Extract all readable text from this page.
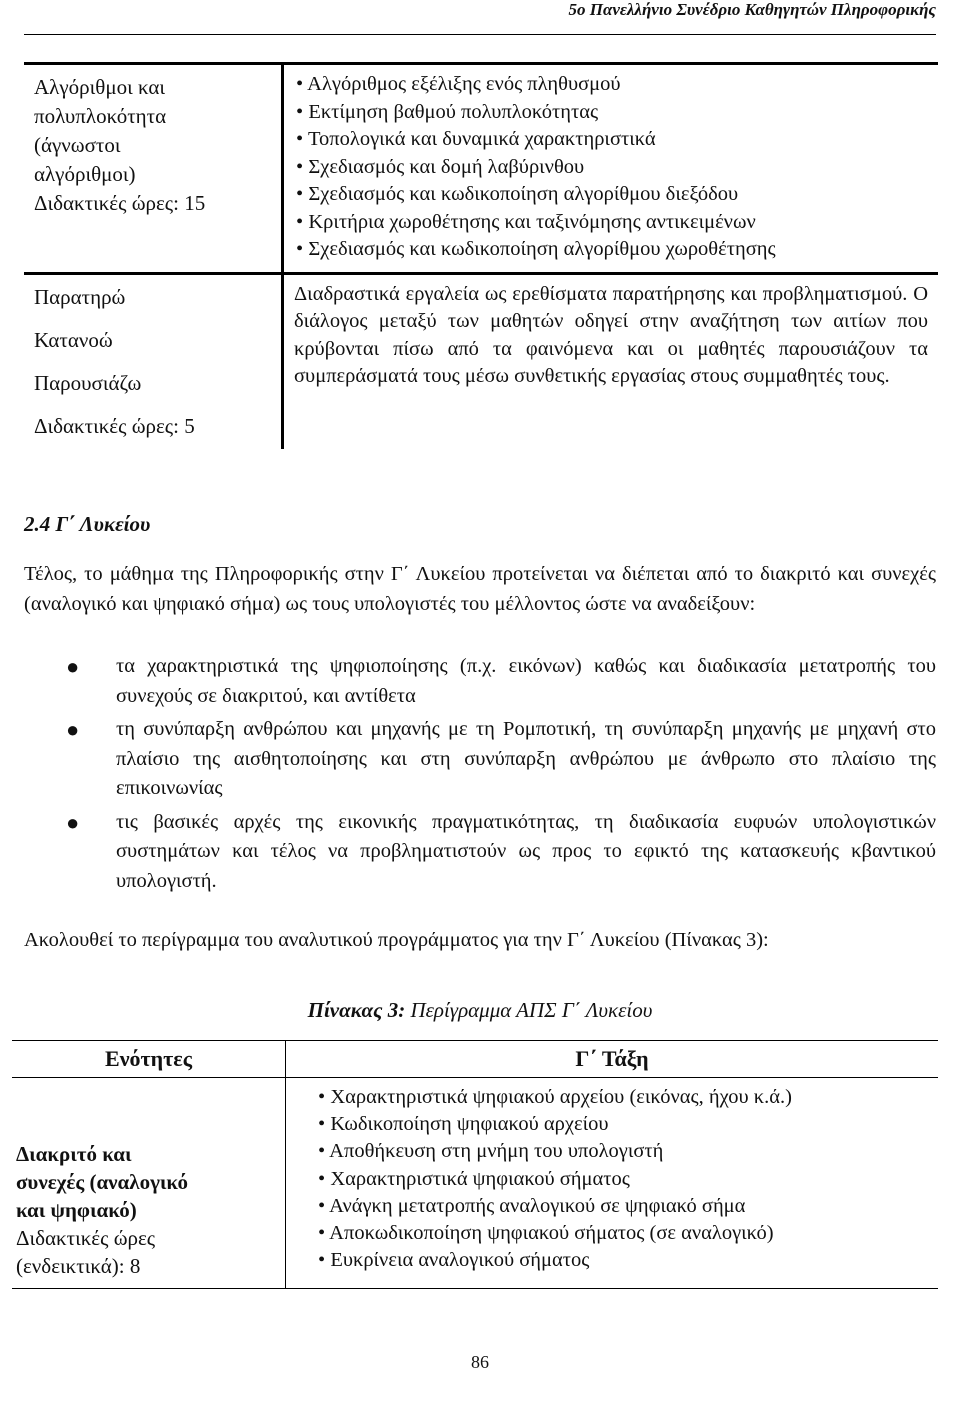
5ο Πανελλήνιο Συνέδριο Καθηγητών Πληροφορικής
Αλγόριθμοι και
πολυπλοκότητα
(άγνωστοι
αλγόριθμοι)
Διδακτικές ώρες: 15
• Αλγόριθμος εξέλιξης ενός πληθυσμού
• Εκτίμηση βαθμού πολυπλοκότητας
• Τοπολογικά και δυναμικά χαρακτηριστικά
• Σχεδιασμός και δομή λαβύρινθου
• Σχεδιασμός και κωδικοποίηση αλγορίθμου διεξόδου
• Κριτήρια χωροθέτησης και ταξινόμησης αντικειμένων
• Σχεδιασμός και κωδικοποίηση αλγορίθμου χωροθέτησης

Παρατηρώ

Κατανοώ

Παρουσιάζω

Διδακτικές ώρες: 5

Διαδραστικά εργαλεία ως ερεθίσματα παρατήρησης και προβληματισμού. Ο διάλογος μεταξύ των μαθητών οδηγεί στην αναζήτηση των αιτίων που κρύβονται πίσω από τα φαινόμενα και οι μαθητές παρουσιάζουν τα συμπεράσματά τους μέσω συνθετικής εργασίας στους συμμαθητές τους.
2.4 Γ΄ Λυκείου
Τέλος, το μάθημα της Πληροφορικής στην Γ΄ Λυκείου προτείνεται να διέπεται από το διακριτό και συνεχές (αναλογικό και ψηφιακό σήμα) ως τους υπολογιστές του μέλλοντος ώστε να αναδείξουν:
● τα χαρακτηριστικά της ψηφιοποίησης (π.χ. εικόνων) καθώς και διαδικασία μετατροπής του συνεχούς σε διακριτού, και αντίθετα
● τη συνύπαρξη ανθρώπου και μηχανής με τη Ρομποτική, τη συνύπαρξη μηχανής με μηχανή στο πλαίσιο της αισθητοποίησης και στη συνύπαρξη ανθρώπου με άνθρωπο στο πλαίσιο της επικοινωνίας
● τις βασικές αρχές της εικονικής πραγματικότητας, τη διαδικασία ευφυών υπολογιστικών συστημάτων και τέλος να προβληματιστούν ως προς το εφικτό της κατασκευής κβαντικού υπολογιστή.
Ακολουθεί το περίγραμμα του αναλυτικού προγράμματος για την Γ΄ Λυκείου (Πίνακας 3):
Πίνακας 3: Περίγραμμα ΑΠΣ Γ΄ Λυκείου
Ενότητες	Γ΄ Τάξη
Διακριτό και
συνεχές (αναλογικό
και ψηφιακό)
Διδακτικές ώρες
(ενδεικτικά): 8
• Χαρακτηριστικά ψηφιακού αρχείου (εικόνας, ήχου κ.ά.)
• Κωδικοποίηση ψηφιακού αρχείου
• Αποθήκευση στη μνήμη του υπολογιστή
• Χαρακτηριστικά ψηφιακού σήματος
• Ανάγκη μετατροπής αναλογικού σε ψηφιακό σήμα
• Αποκωδικοποίηση ψηφιακού σήματος (σε αναλογικό)
• Ευκρίνεια αναλογικού σήματος
86
